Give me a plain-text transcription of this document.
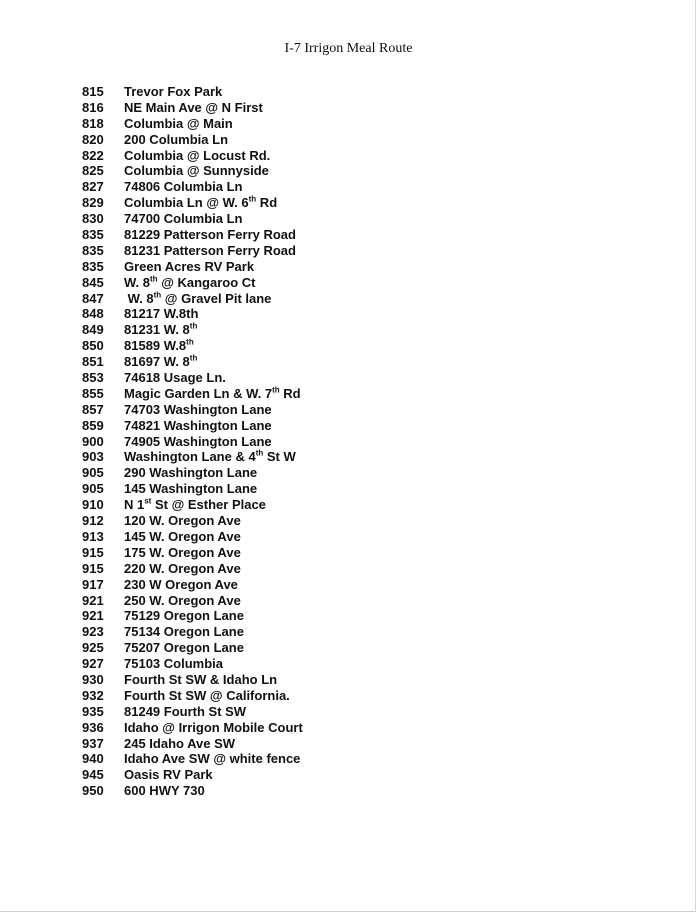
I-7 Irrigon Meal Route
815	Trevor Fox Park
816	NE Main Ave @ N First
818	Columbia @ Main
820	200 Columbia Ln
822	Columbia @ Locust Rd.
825	Columbia @ Sunnyside
827	74806 Columbia Ln
829	Columbia Ln @ W. 6th Rd
830	74700 Columbia Ln
835	81229 Patterson Ferry Road
835	81231 Patterson Ferry Road
835	Green Acres RV Park
845	W. 8th @ Kangaroo Ct
847	W. 8th @ Gravel Pit lane
848	81217 W.8th
849	81231 W. 8th
850	81589 W.8th
851	81697 W. 8th
853	74618 Usage Ln.
855	Magic Garden Ln & W. 7th Rd
857	74703 Washington Lane
859	74821 Washington Lane
900	74905 Washington Lane
903	Washington Lane & 4th St W
905	290 Washington Lane
905	145 Washington Lane
910	N 1st St @ Esther Place
912	120 W. Oregon Ave
913	145 W. Oregon Ave
915	175 W. Oregon Ave
915	220 W. Oregon Ave
917	230 W Oregon Ave
921	250 W. Oregon Ave
921	75129 Oregon Lane
923	75134 Oregon Lane
925	75207 Oregon Lane
927	75103 Columbia
930	Fourth St SW & Idaho Ln
932	Fourth St SW @ California.
935	81249 Fourth St SW
936	Idaho @ Irrigon Mobile Court
937	245 Idaho Ave SW
940	Idaho Ave SW @ white fence
945	Oasis RV Park
950	600 HWY 730
